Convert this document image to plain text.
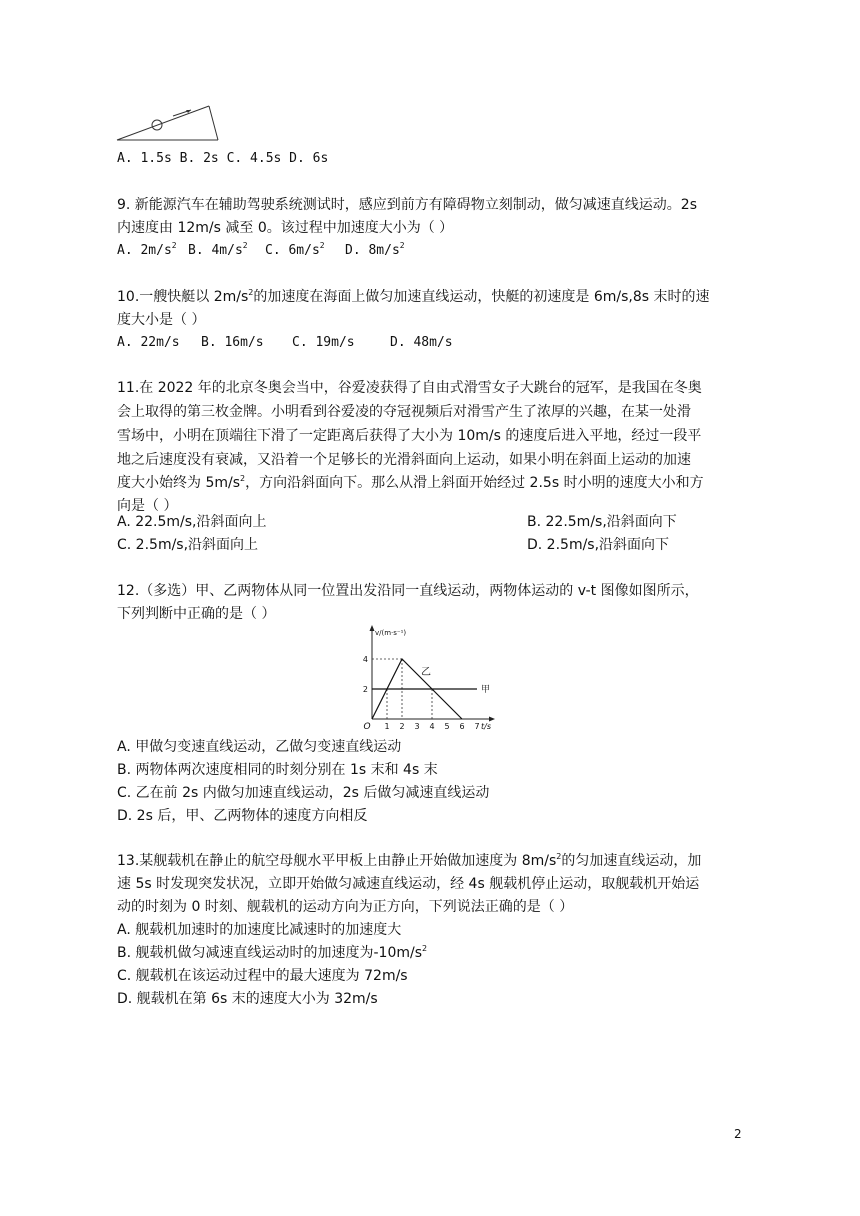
A. 1.5s B. 2s C. 4.5s D. 6s
9. 新能源汽车在辅助驾驶系统测试时，感应到前方有障碍物立刻制动，做匀减速直线运动。2s
内速度由 12m/s 减至 0。该过程中加速度大小为（ ）
A. $2m/s^2$ B. $4m/s^2$ C. $6m/s^2$ D. $8m/s^2$
10.一艘快艇以 $2m/s^2$的加速度在海面上做匀加速直线运动，快艇的初速度是 6m/s,8s 末时的速
度大小是（ ）
A. 22m/s B. 16m/s C. 19m/s	D. 48m/s
11.在 2022 年的北京冬奥会当中，谷爱凌获得了自由式滑雪女子大跳台的冠军，是我国在冬奥
会上取得的第三枚金牌。小明看到谷爱凌的夺冠视频后对滑雪产生了浓厚的兴趣，在某一处滑
雪场中，小明在顶端往下滑了一定距离后获得了大小为 10m/s 的速度后进入平地，经过一段平
地之后速度没有衰减，又沿着一个足够长的光滑斜面向上运动，如果小明在斜面上运动的加速
度大小始终为 $5m/s^2$，方向沿斜面向下。那么从滑上斜面开始经过 2.5s 时小明的速度大小和方
向是（ ）
A. 22.5m/s,沿斜面向上	B. 22.5m/s,沿斜面向下
C. 2.5m/s,沿斜面向上	D. 2.5m/s,沿斜面向下
12.（多选）甲、乙两物体从同一位置出发沿同一直线运动，两物体运动的 v-t 图像如图所示，
下列判断中正确的是（ ）
1 2 3 4 5 6 7
2
4
O	t/s
v/(m·s⁻¹)
甲
乙
A. 甲做匀变速直线运动，乙做匀变速直线运动
B. 两物体两次速度相同的时刻分别在 1s 末和 4s 末
C. 乙在前 2s 内做匀加速直线运动，2s 后做匀减速直线运动
D. 2s 后，甲、乙两物体的速度方向相反
13.某舰载机在静止的航空母舰水平甲板上由静止开始做加速度为 $8m/s^2$的匀加速直线运动，加
速 5s 时发现突发状况，立即开始做匀减速直线运动，经 4s 舰载机停止运动，取舰载机开始运
动的时刻为 0 时刻、舰载机的运动方向为正方向，下列说法正确的是（ ）
A. 舰载机加速时的加速度比减速时的加速度大
B. 舰载机做匀减速直线运动时的加速度为$-10m/s^2$
C. 舰载机在该运动过程中的最大速度为 72m/s
D. 舰载机在第 6s 末的速度大小为 32m/s
2
